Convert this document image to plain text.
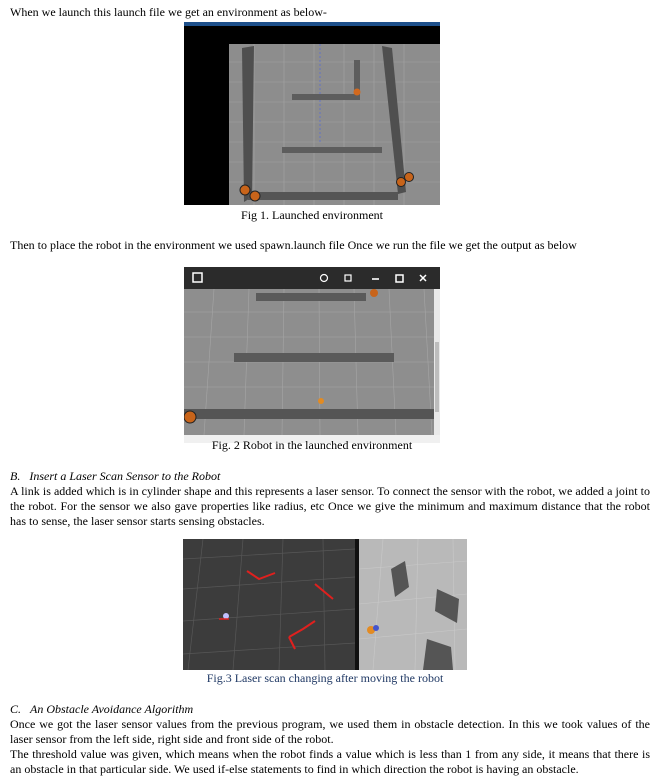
When we launch this launch file we get an environment as below-
Fig 1. Launched environment
Then to place the robot in the environment we used spawn.launch file Once we run the file we get the output as below
Fig. 2 Robot in the launched environment
B.   Insert a Laser Scan Sensor to the Robot
A link is added which is in cylinder shape and this represents a laser sensor. To connect the sensor with the robot, we added a joint to the robot. For the sensor we also gave properties like radius, etc Once we give the minimum and maximum distance that the robot has to sense, the laser sensor starts sensing obstacles.
Fig.3 Laser scan changing after moving the robot
C.   An Obstacle Avoidance Algorithm
Once we got the laser sensor values from the previous program, we used them in obstacle detection. In this we took values of the laser sensor from the left side, right side and front side of the robot.
The threshold value was given, which means when the robot finds a value which is less than 1 from any side, it means that there is an obstacle in that particular side. We used if-else statements to find in which direction the robot is having an obstacle.
